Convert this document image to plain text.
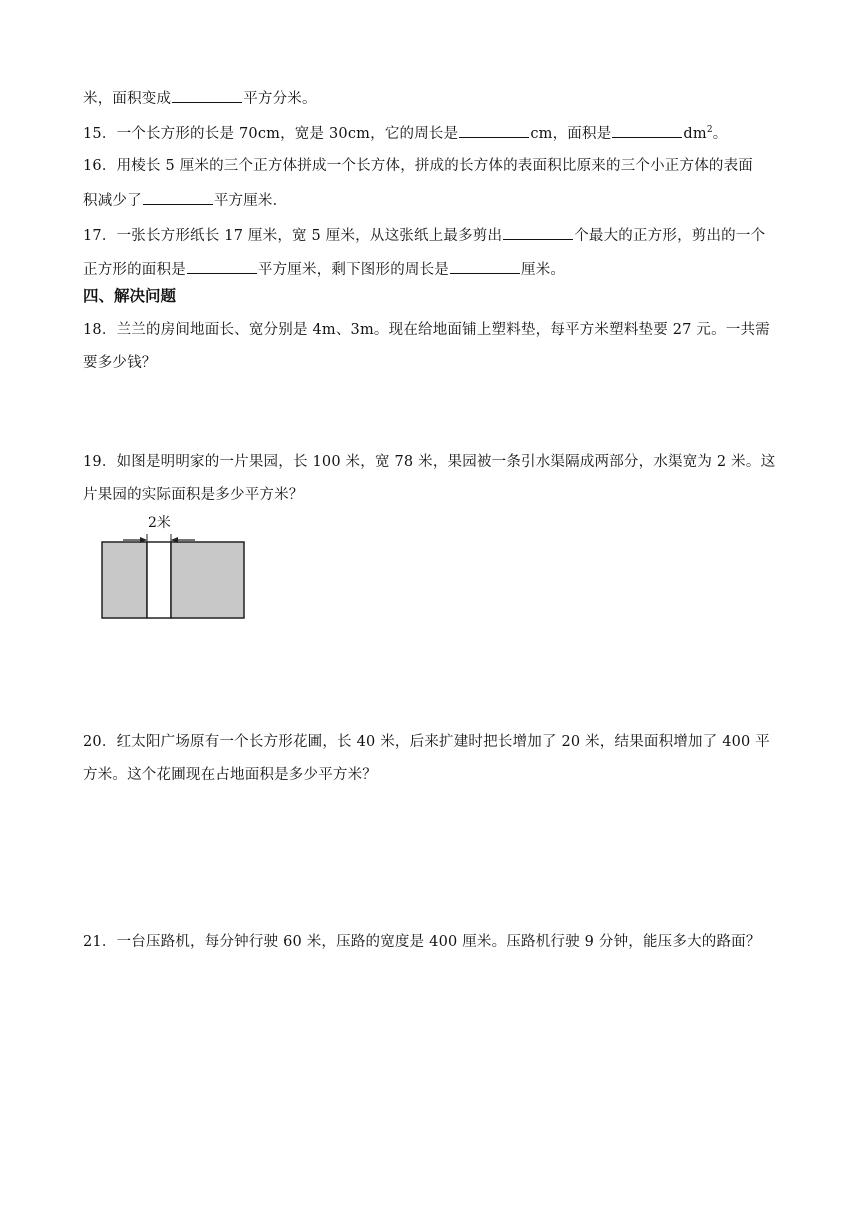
米，面积变成	平方分米。
15．一个长方形的长是 70cm，宽是 30cm，它的周长是	cm，面积是	$dm^2$。
16．用棱长 5 厘米的三个正方体拼成一个长方体，拼成的长方体的表面积比原来的三个小正方体的表面
积减少了	平方厘米．
17．一张长方形纸长 17 厘米，宽 5 厘米，从这张纸上最多剪出	个最大的正方形，剪出的一个
正方形的面积是	平方厘米，剩下图形的周长是	厘米。
四、解决问题
18．兰兰的房间地面长、宽分别是 4m、3m。现在给地面铺上塑料垫，每平方米塑料垫要 27 元。一共需
要多少钱？
19．如图是明明家的一片果园，长 100 米，宽 78 米，果园被一条引水渠隔成两部分，水渠宽为 2 米。这
片果园的实际面积是多少平方米？
2米
20．红太阳广场原有一个长方形花圃，长 40 米，后来扩建时把长增加了 20 米，结果面积增加了 400 平
方米。这个花圃现在占地面积是多少平方米？
21．一台压路机，每分钟行驶 60 米，压路的宽度是 400 厘米。压路机行驶 9 分钟，能压多大的路面？
